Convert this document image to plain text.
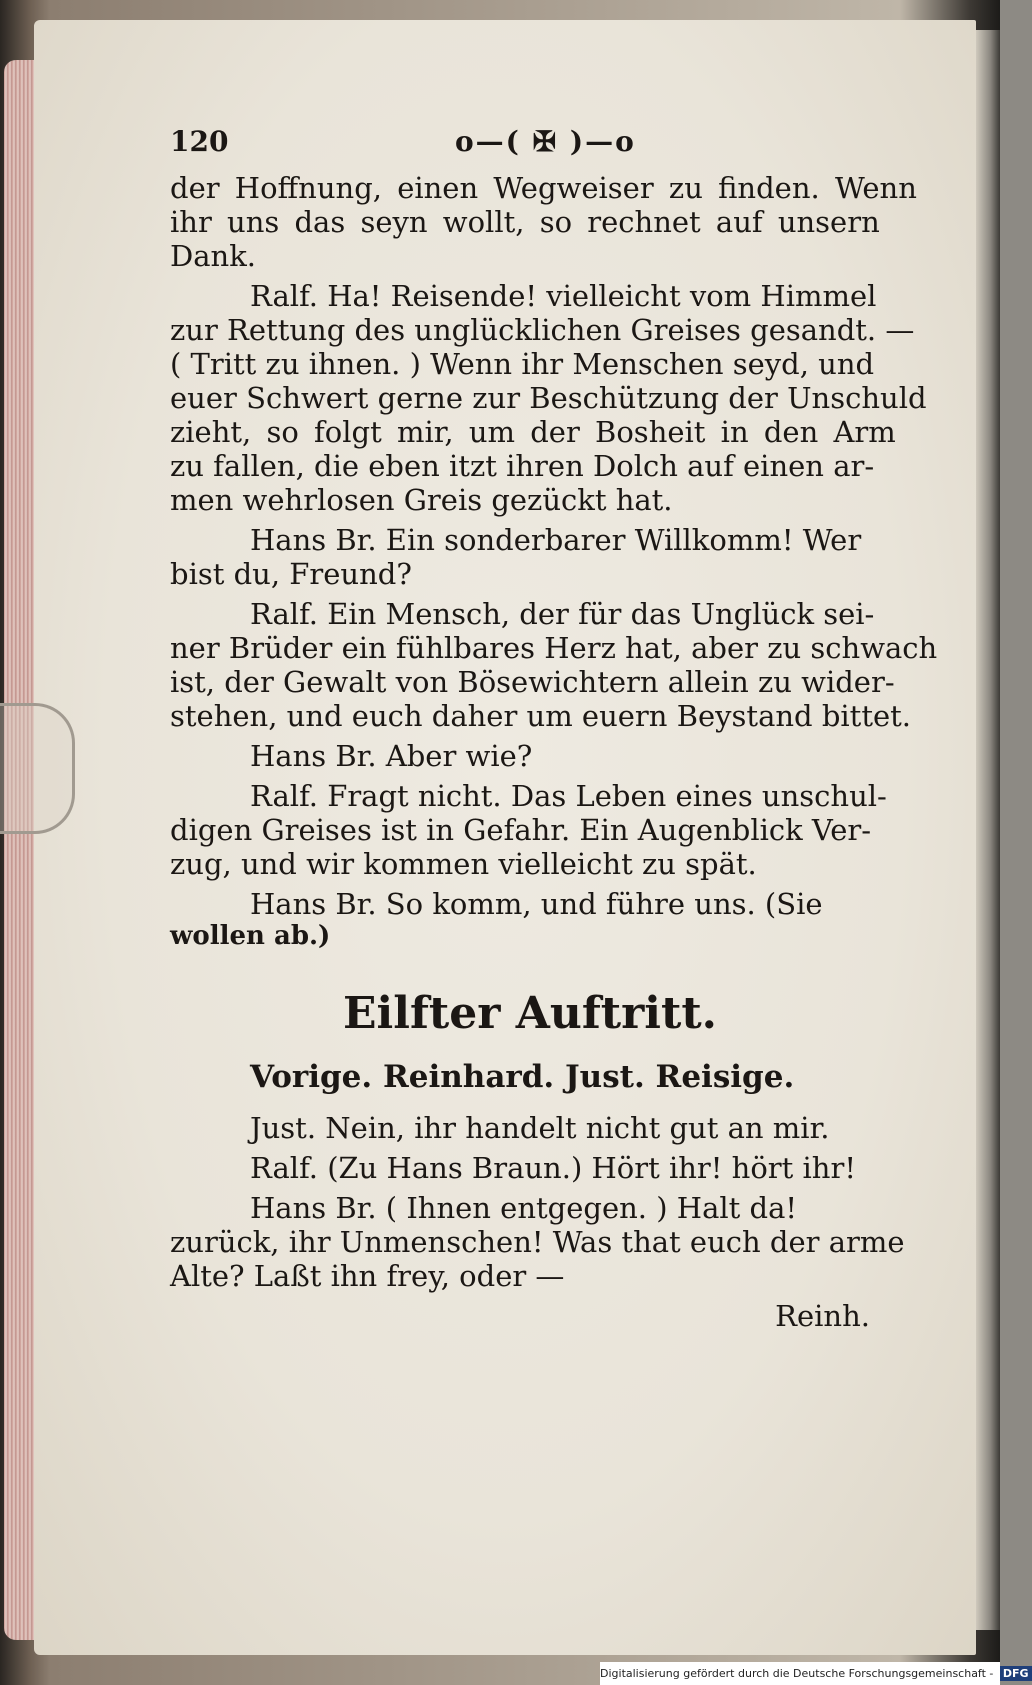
120	o—( ✠ )—o
der Hoffnung, einen Wegweiser zu finden. Wenn
ihr uns das seyn wollt, so rechnet auf unsern
Dank.
Ralf. Ha! Reisende! vielleicht vom Himmel
zur Rettung des unglücklichen Greises gesandt. —
( Tritt zu ihnen. ) Wenn ihr Menschen seyd, und
euer Schwert gerne zur Beschützung der Unschuld
zieht, so folgt mir, um der Bosheit in den Arm
zu fallen, die eben itzt ihren Dolch auf einen ar-
men wehrlosen Greis gezückt hat.
Hans Br. Ein sonderbarer Willkomm! Wer
bist du, Freund?
Ralf. Ein Mensch, der für das Unglück sei-
ner Brüder ein fühlbares Herz hat, aber zu schwach
ist, der Gewalt von Bösewichtern allein zu wider-
stehen, und euch daher um euern Beystand bittet.
Hans Br. Aber wie?
Ralf. Fragt nicht. Das Leben eines unschul-
digen Greises ist in Gefahr. Ein Augenblick Ver-
zug, und wir kommen vielleicht zu spät.
Hans Br. So komm, und führe uns. (Sie
wollen ab.)
Eilfter Auftritt.
Vorige. Reinhard. Just. Reisige.
Just. Nein, ihr handelt nicht gut an mir.
Ralf. (Zu Hans Braun.) Hört ihr! hört ihr!
Hans Br. ( Ihnen entgegen. ) Halt da!
zurück, ihr Unmenschen! Was that euch der arme
Alte? Laßt ihn frey, oder —
Reinh.
Digitalisierung gefördert durch die Deutsche Forschungsgemeinschaft - DFG
